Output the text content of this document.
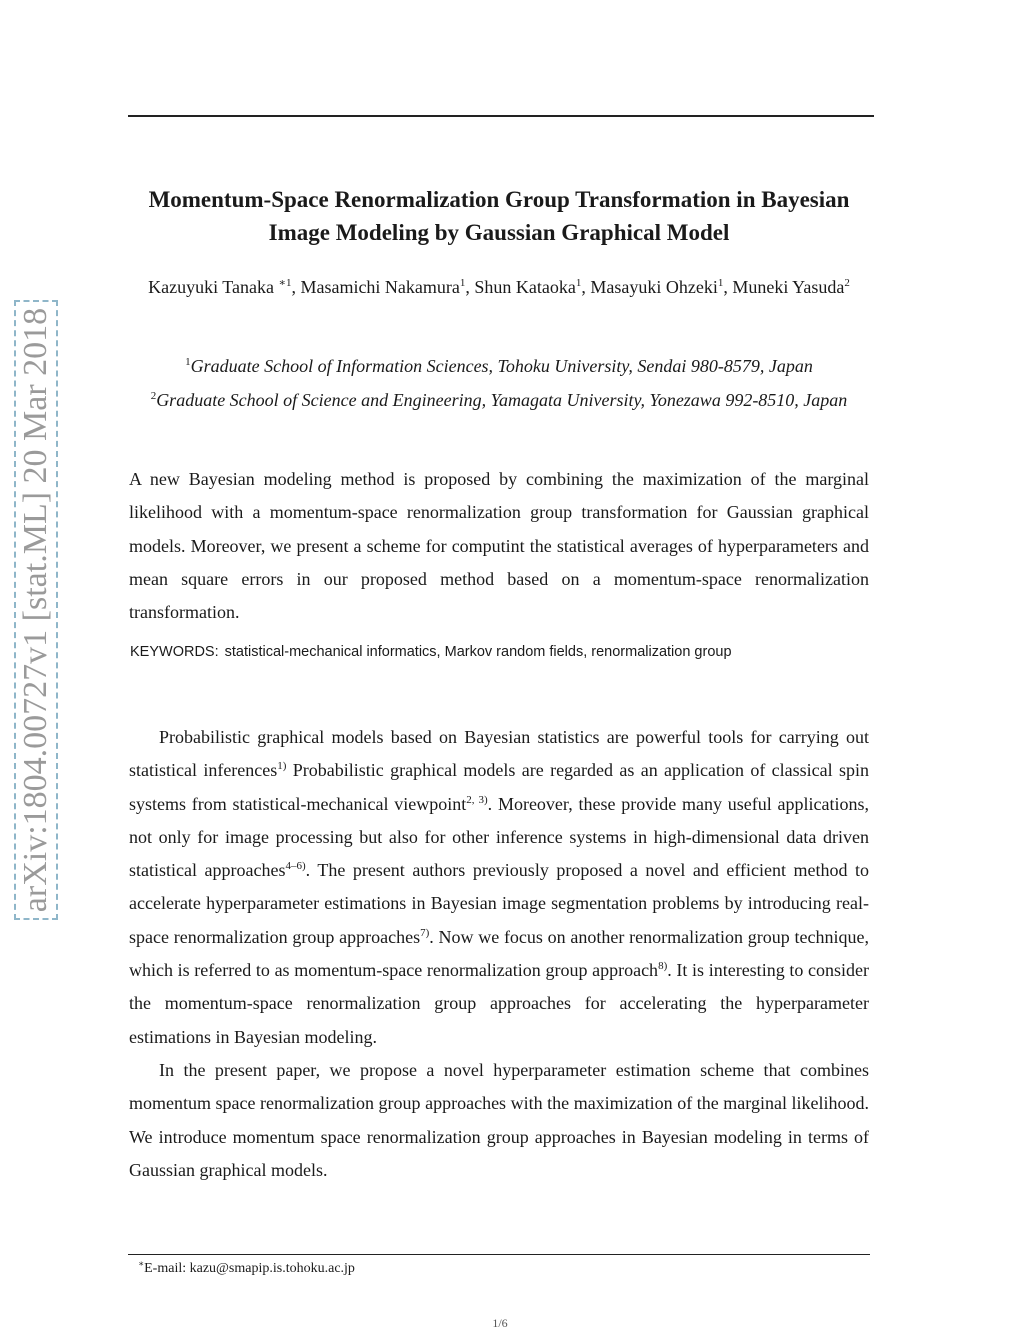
arXiv:1804.00727v1 [stat.ML] 20 Mar 2018
Momentum-Space Renormalization Group Transformation in Bayesian
Image Modeling by Gaussian Graphical Model
Kazuyuki Tanaka $^{∗1}$, Masamichi Nakamura$^1$, Shun Kataoka$^1$, Masayuki Ohzeki$^1$, Muneki Yasuda$^2$
$^1$Graduate School of Information Sciences, Tohoku University, Sendai 980-8579, Japan
$^2$Graduate School of Science and Engineering, Yamagata University, Yonezawa 992-8510, Japan
A new Bayesian modeling method is proposed by combining the maximization of the marginal likelihood with a momentum-space renormalization group transformation for Gaussian graphical models. Moreover, we present a scheme for computint the statistical averages of hyperparameters and mean square errors in our proposed method based on a momentum-space renormalization transformation.
KEYWORDS: statistical-mechanical informatics, Markov random fields, renormalization group

Probabilistic graphical models based on Bayesian statistics are powerful tools for carrying out statistical inferences$^{1)}$ Probabilistic graphical models are regarded as an application of classical spin systems from statistical-mechanical viewpoint$^{2, 3)}$. Moreover, these provide many useful applications, not only for image processing but also for other inference systems in high-dimensional data driven statistical approaches$^{4-6)}$. The present authors previously proposed a novel and efficient method to accelerate hyperparameter estimations in Bayesian image segmentation problems by introducing real-space renormalization group approaches$^{7)}$. Now we focus on another renormalization group technique, which is referred to as momentum-space renormalization group approach$^{8)}$. It is interesting to consider the momentum-space renormalization group approaches for accelerating the hyperparameter estimations in Bayesian modeling.

In the present paper, we propose a novel hyperparameter estimation scheme that combines momentum space renormalization group approaches with the maximization of the marginal likelihood. We introduce momentum space renormalization group approaches in Bayesian modeling in terms of Gaussian graphical models.

∗E-mail: kazu@smapip.is.tohoku.ac.jp
1/6
